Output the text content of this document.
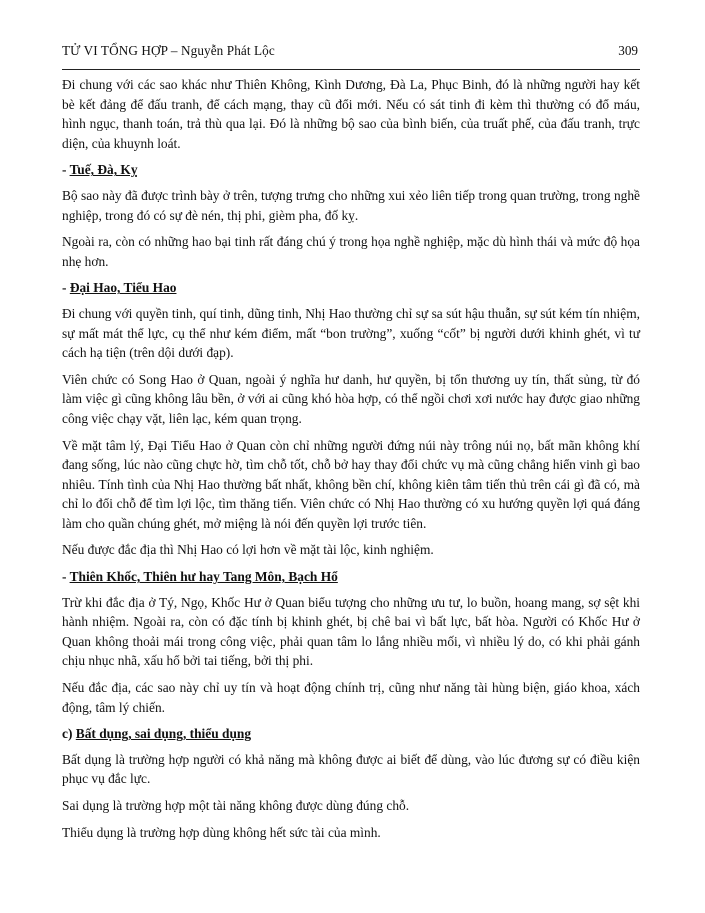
TỬ VI TỔNG HỢP – Nguyễn Phát Lộc	309

Đi chung với các sao khác như Thiên Không, Kình Dương, Đà La, Phục Binh, đó là những người hay kết bè kết đảng để đấu tranh, để cách mạng, thay cũ đổi mới. Nếu có sát tinh đi kèm thì thường có đổ máu, hình ngục, thanh toán, trả thù qua lại. Đó là những bộ sao của bình biến, của truất phế, của đấu tranh, trực diện, của khuynh loát.

- Tuế, Đà, Kỵ

Bộ sao này đã được trình bày ở trên, tượng trưng cho những xui xẻo liên tiếp trong quan trường, trong nghề nghiệp, trong đó có sự đè nén, thị phi, gièm pha, đố kỵ.

Ngoài ra, còn có những hao bại tinh rất đáng chú ý trong họa nghề nghiệp, mặc dù hình thái và mức độ họa nhẹ hơn.

- Đại Hao, Tiểu Hao

Đi chung với quyền tinh, quí tinh, dũng tinh, Nhị Hao thường chỉ sự sa sút hậu thuẫn, sự sút kém tín nhiệm, sự mất mát thể lực, cụ thể như kém điểm, mất “bon trường”, xuống “cốt” bị người dưới khinh ghét, vì tư cách hạ tiện (trên dội dưới đạp).

Viên chức có Song Hao ở Quan, ngoài ý nghĩa hư danh, hư quyền, bị tổn thương uy tín, thất sủng, từ đó làm việc gì cũng không lâu bền, ở với ai cũng khó hòa hợp, có thể ngồi chơi xơi nước hay được giao những công việc chạy vặt, liên lạc, kém quan trọng.

Về mặt tâm lý, Đại Tiểu Hao ở Quan còn chỉ những người đứng núi này trông núi nọ, bất mãn không khí đang sống, lúc nào cũng chực hờ, tìm chỗ tốt, chỗ bở hay thay đổi chức vụ mà cũng chẳng hiển vinh gì bao nhiêu. Tính tình của Nhị Hao thường bất nhất, không bền chí, không kiên tâm tiến thủ trên cái gì đã có, mà chỉ lo đổi chỗ để tìm lợi lộc, tìm thăng tiến. Viên chức có Nhị Hao thường có xu hướng quyền lợi quá đáng làm cho quần chúng ghét, mở miệng là nói đến quyền lợi trước tiên.

Nếu được đắc địa thì Nhị Hao có lợi hơn về mặt tài lộc, kinh nghiệm.

- Thiên Khốc, Thiên hư hay Tang Môn, Bạch Hổ

Trừ khi đắc địa ở Tý, Ngọ, Khốc Hư ở Quan biểu tượng cho những ưu tư, lo buồn, hoang mang, sợ sệt khi hành nhiệm. Ngoài ra, còn có đặc tính bị khinh ghét, bị chê bai vì bất lực, bất hòa. Người có Khốc Hư ở Quan không thoải mái trong công việc, phải quan tâm lo lắng nhiều mối, vì nhiều lý do, có khi phải gánh chịu nhục nhã, xấu hổ bởi tai tiếng, bởi thị phi.

Nếu đắc địa, các sao này chỉ uy tín và hoạt động chính trị, cũng như năng tài hùng biện, giáo khoa, xách động, tâm lý chiến.

c) Bất dụng, sai dụng, thiểu dụng

Bất dụng là trường hợp người có khả năng mà không được ai biết để dùng, vào lúc đương sự có điều kiện phục vụ đắc lực.

Sai dụng là trường hợp một tài năng không được dùng đúng chỗ.

Thiểu dụng là trường hợp dùng không hết sức tài của mình.
